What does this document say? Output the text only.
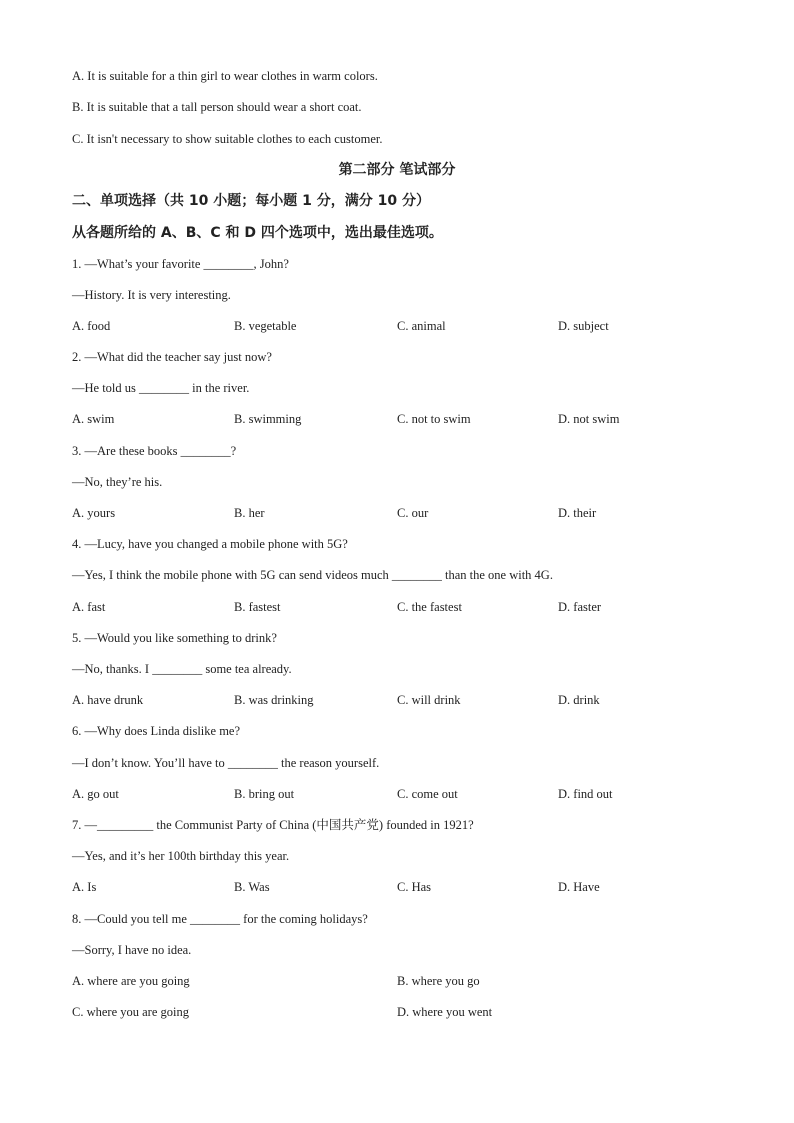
A. It is suitable for a thin girl to wear clothes in warm colors.
B. It is suitable that a tall person should wear a short coat.
C. It isn't necessary to show suitable clothes to each customer.
第二部分 笔试部分
二、单项选择（共 10 小题；每小题 1 分，满分 10 分）
从各题所给的 A、B、C 和 D 四个选项中，选出最佳选项。
1. —What’s your favorite ________, John?
—History. It is very interesting.
A. food	B. vegetable	C. animal	D. subject
2. —What did the teacher say just now?
—He told us ________ in the river.
A. swim	B. swimming	C. not to swim	D. not swim
3. —Are these books ________?
—No, they’re his.
A. yours	B. her	C. our	D. their
4. —Lucy, have you changed a mobile phone with 5G?
—Yes, I think the mobile phone with 5G can send videos much ________ than the one with 4G.
A. fast	B. fastest	C. the fastest	D. faster
5. —Would you like something to drink?
—No, thanks. I ________ some tea already.
A. have drunk	B. was drinking	C. will drink	D. drink
6. —Why does Linda dislike me?
—I don’t know. You’ll have to ________ the reason yourself.
A. go out	B. bring out	C. come out	D. find out
7. —_________ the Communist Party of China (中国共产党) founded in 1921?
—Yes, and it’s her 100th birthday this year.
A. Is	B. Was	C. Has	D. Have
8. —Could you tell me ________ for the coming holidays?
—Sorry, I have no idea.
A. where are you going	B. where you go
C. where you are going	D. where you went
